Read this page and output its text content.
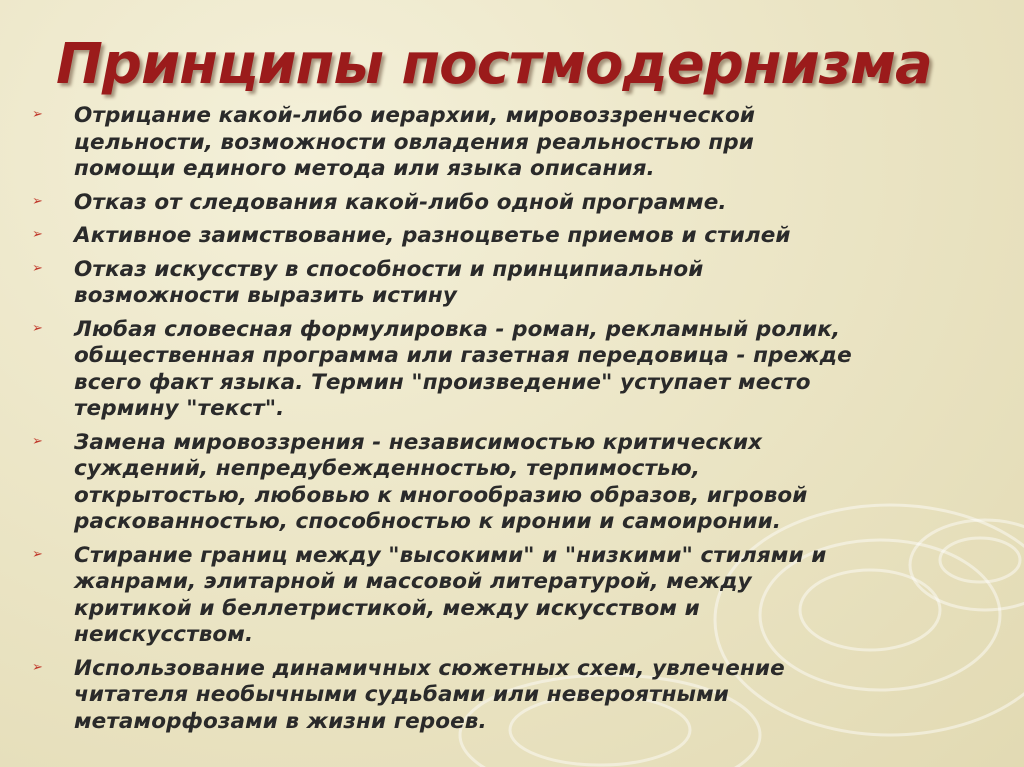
Принципы постмодернизма
➢ Отрицание какой-либо иерархии, мировоззренческой
цельности, возможности овладения реальностью при
помощи единого метода или языка описания.
➢ Отказ от следования какой-либо одной программе.
➢ Активное заимствование, разноцветье приемов и стилей
➢ Отказ искусству в способности и принципиальной
возможности выразить истину
➢ Любая словесная формулировка - роман, рекламный ролик,
общественная программа или газетная передовица - прежде
всего факт языка. Термин "произведение" уступает место
термину "текст".
➢ Замена мировоззрения - независимостью критических
суждений, непредубежденностью, терпимостью,
открытостью, любовью к многообразию образов, игровой
раскованностью, способностью к иронии и самоиронии.
➢ Стирание границ между "высокими" и "низкими" стилями и
жанрами, элитарной и массовой литературой, между
критикой и беллетристикой, между искусством и
неискусством.
➢ Использование динамичных сюжетных схем, увлечение
читателя необычными судьбами или невероятными
метаморфозами в жизни героев.
